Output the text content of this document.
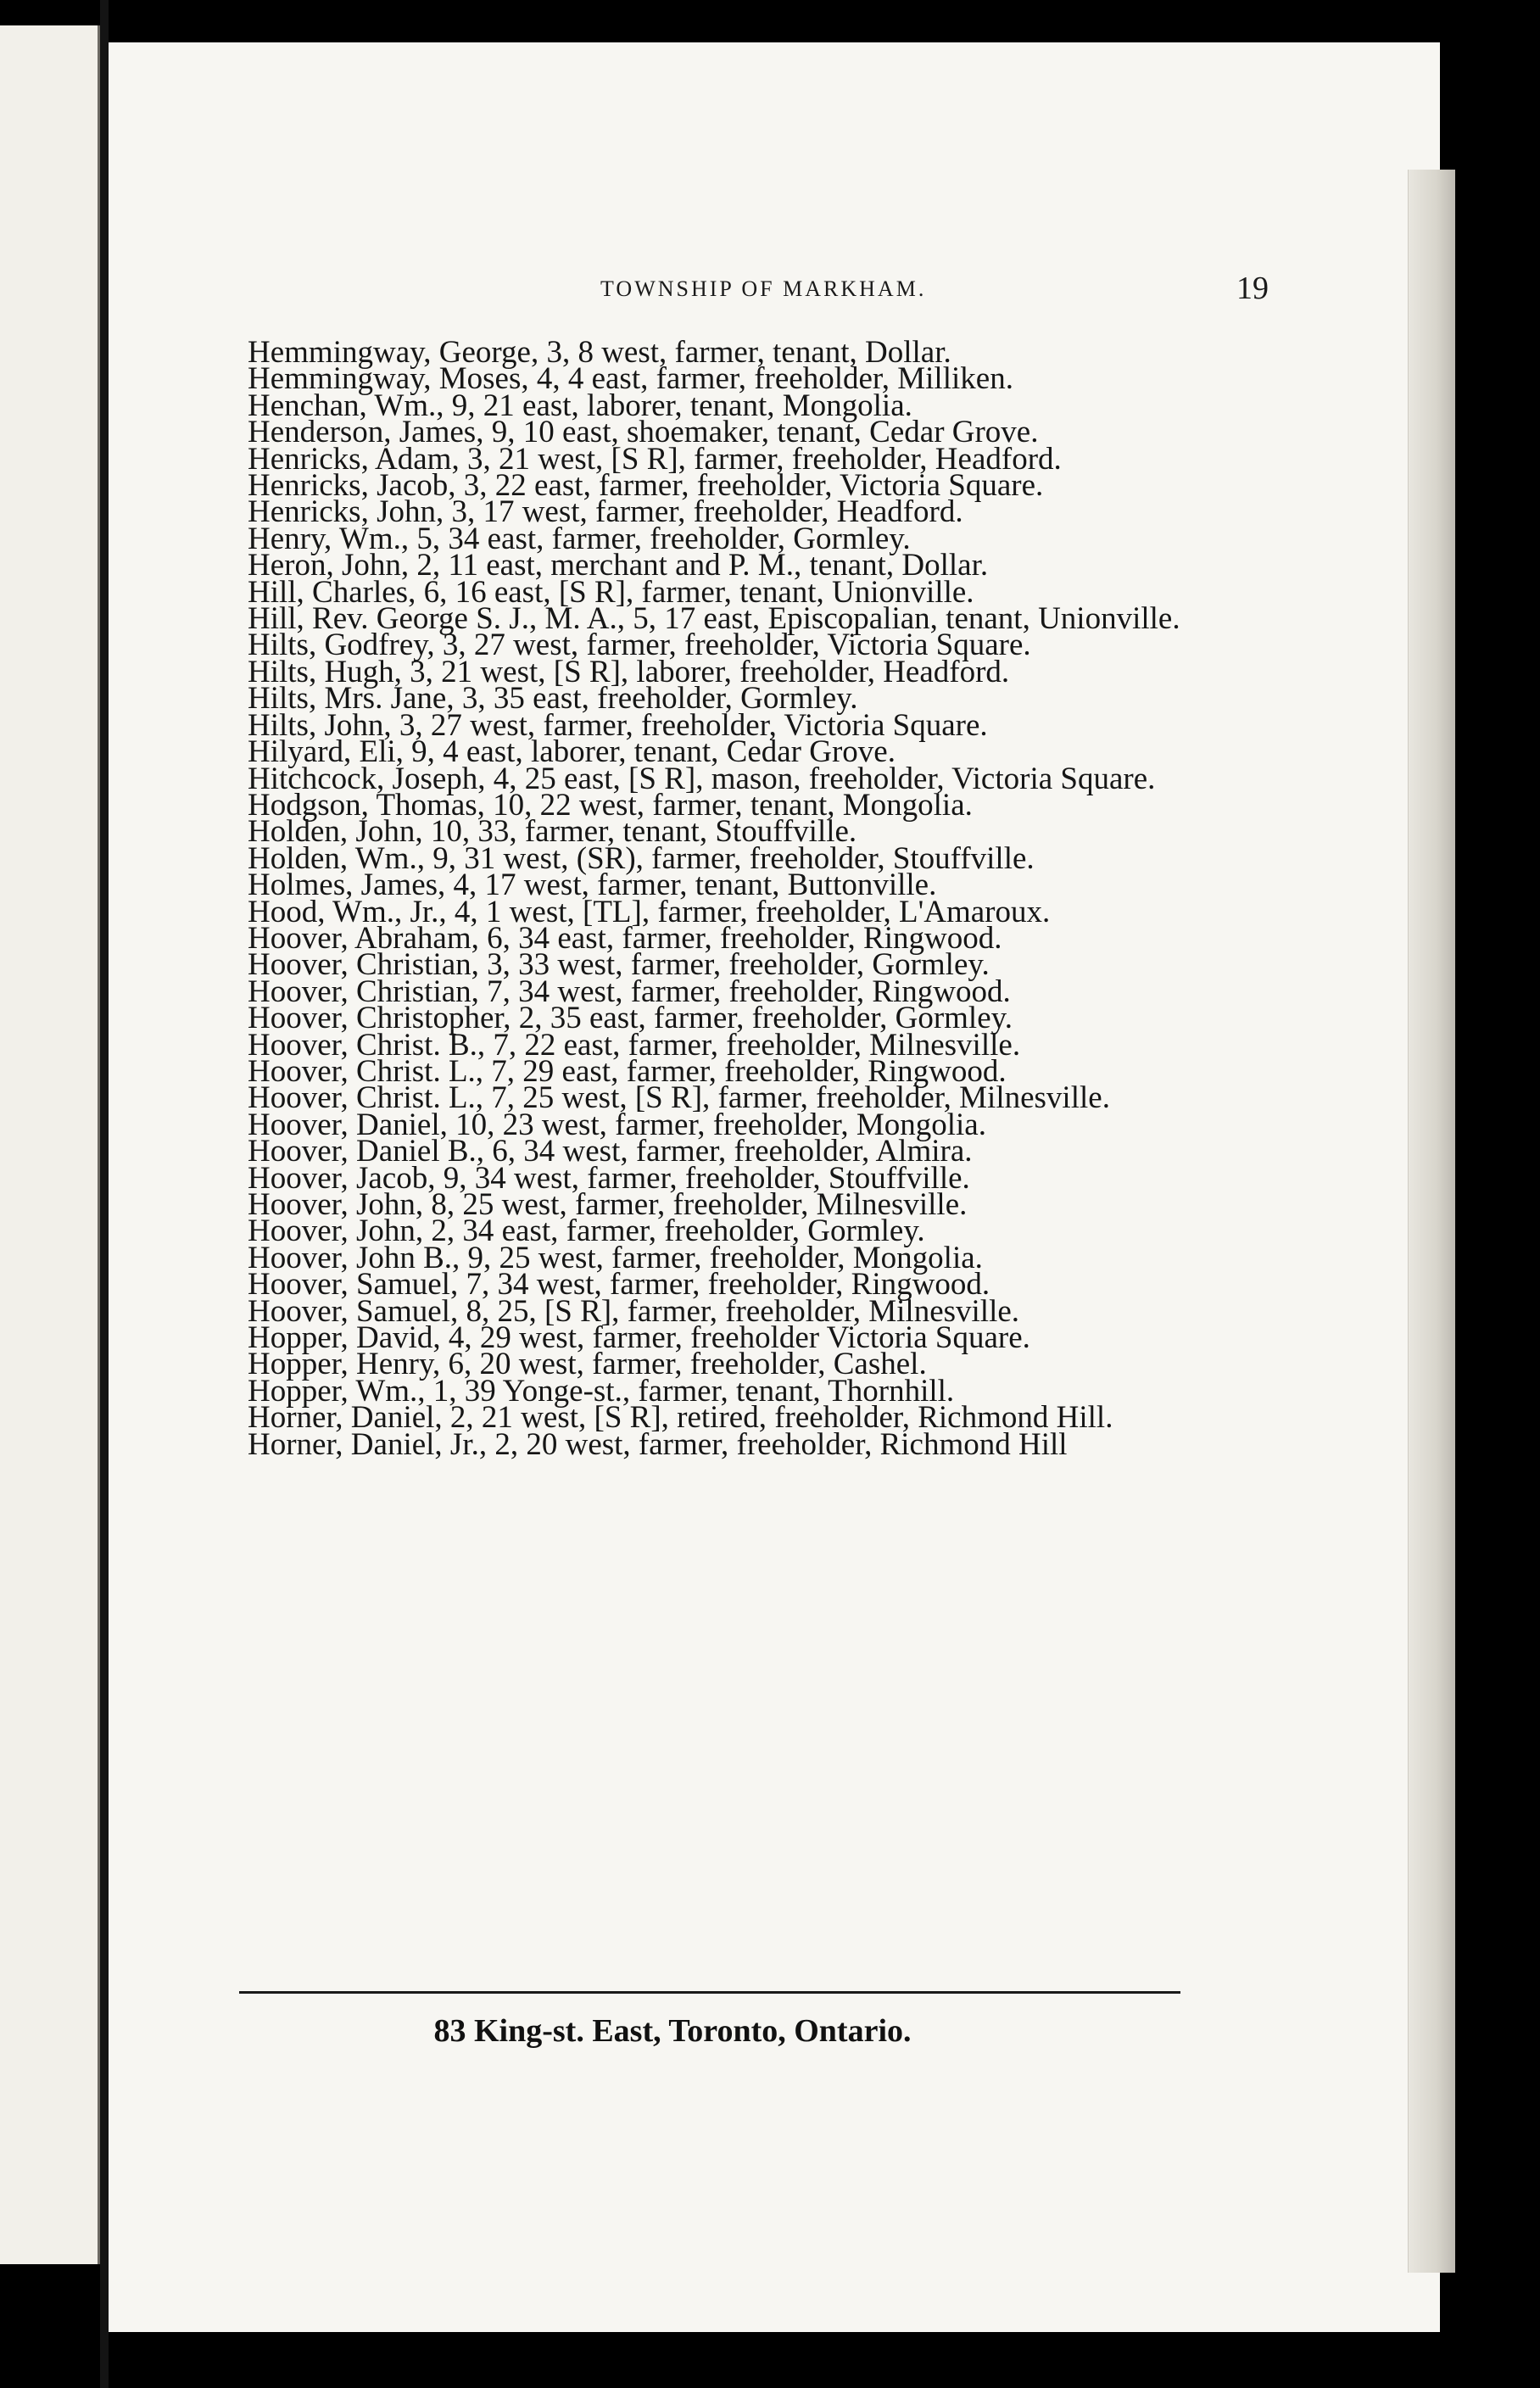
TOWNSHIP OF MARKHAM.	19
Hemmingway, George, 3, 8 west, farmer, tenant, Dollar.
Hemmingway, Moses, 4, 4 east, farmer, freeholder, Milliken.
Henchan, Wm., 9, 21 east, laborer, tenant, Mongolia.
Henderson, James, 9, 10 east, shoemaker, tenant, Cedar Grove.
Henricks, Adam, 3, 21 west, [S R], farmer, freeholder, Headford.
Henricks, Jacob, 3, 22 east, farmer, freeholder, Victoria Square.
Henricks, John, 3, 17 west, farmer, freeholder, Headford.
Henry, Wm., 5, 34 east, farmer, freeholder, Gormley.
Heron, John, 2, 11 east, merchant and P. M., tenant, Dollar.
Hill, Charles, 6, 16 east, [S R], farmer, tenant, Unionville.
Hill, Rev. George S. J., M. A., 5, 17 east, Episcopalian, tenant, Unionville.
Hilts, Godfrey, 3, 27 west, farmer, freeholder, Victoria Square.
Hilts, Hugh, 3, 21 west, [S R], laborer, freeholder, Headford.
Hilts, Mrs. Jane, 3, 35 east, freeholder, Gormley.
Hilts, John, 3, 27 west, farmer, freeholder, Victoria Square.
Hilyard, Eli, 9, 4 east, laborer, tenant, Cedar Grove.
Hitchcock, Joseph, 4, 25 east, [S R], mason, freeholder, Victoria Square.
Hodgson, Thomas, 10, 22 west, farmer, tenant, Mongolia.
Holden, John, 10, 33, farmer, tenant, Stouffville.
Holden, Wm., 9, 31 west, (SR), farmer, freeholder, Stouffville.
Holmes, James, 4, 17 west, farmer, tenant, Buttonville.
Hood, Wm., Jr., 4, 1 west, [TL], farmer, freeholder, L'Amaroux.
Hoover, Abraham, 6, 34 east, farmer, freeholder, Ringwood.
Hoover, Christian, 3, 33 west, farmer, freeholder, Gormley.
Hoover, Christian, 7, 34 west, farmer, freeholder, Ringwood.
Hoover, Christopher, 2, 35 east, farmer, freeholder, Gormley.
Hoover, Christ. B., 7, 22 east, farmer, freeholder, Milnesville.
Hoover, Christ. L., 7, 29 east, farmer, freeholder, Ringwood.
Hoover, Christ. L., 7, 25 west, [S R], farmer, freeholder, Milnesville.
Hoover, Daniel, 10, 23 west, farmer, freeholder, Mongolia.
Hoover, Daniel B., 6, 34 west, farmer, freeholder, Almira.
Hoover, Jacob, 9, 34 west, farmer, freeholder, Stouffville.
Hoover, John, 8, 25 west, farmer, freeholder, Milnesville.
Hoover, John, 2, 34 east, farmer, freeholder, Gormley.
Hoover, John B., 9, 25 west, farmer, freeholder, Mongolia.
Hoover, Samuel, 7, 34 west, farmer, freeholder, Ringwood.
Hoover, Samuel, 8, 25, [S R], farmer, freeholder, Milnesville.
Hopper, David, 4, 29 west, farmer, freeholder Victoria Square.
Hopper, Henry, 6, 20 west, farmer, freeholder, Cashel.
Hopper, Wm., 1, 39 Yonge-st., farmer, tenant, Thornhill.
Horner, Daniel, 2, 21 west, [S R], retired, freeholder, Richmond Hill.
Horner, Daniel, Jr., 2, 20 west, farmer, freeholder, Richmond Hill
83 King-st. East, Toronto, Ontario.
